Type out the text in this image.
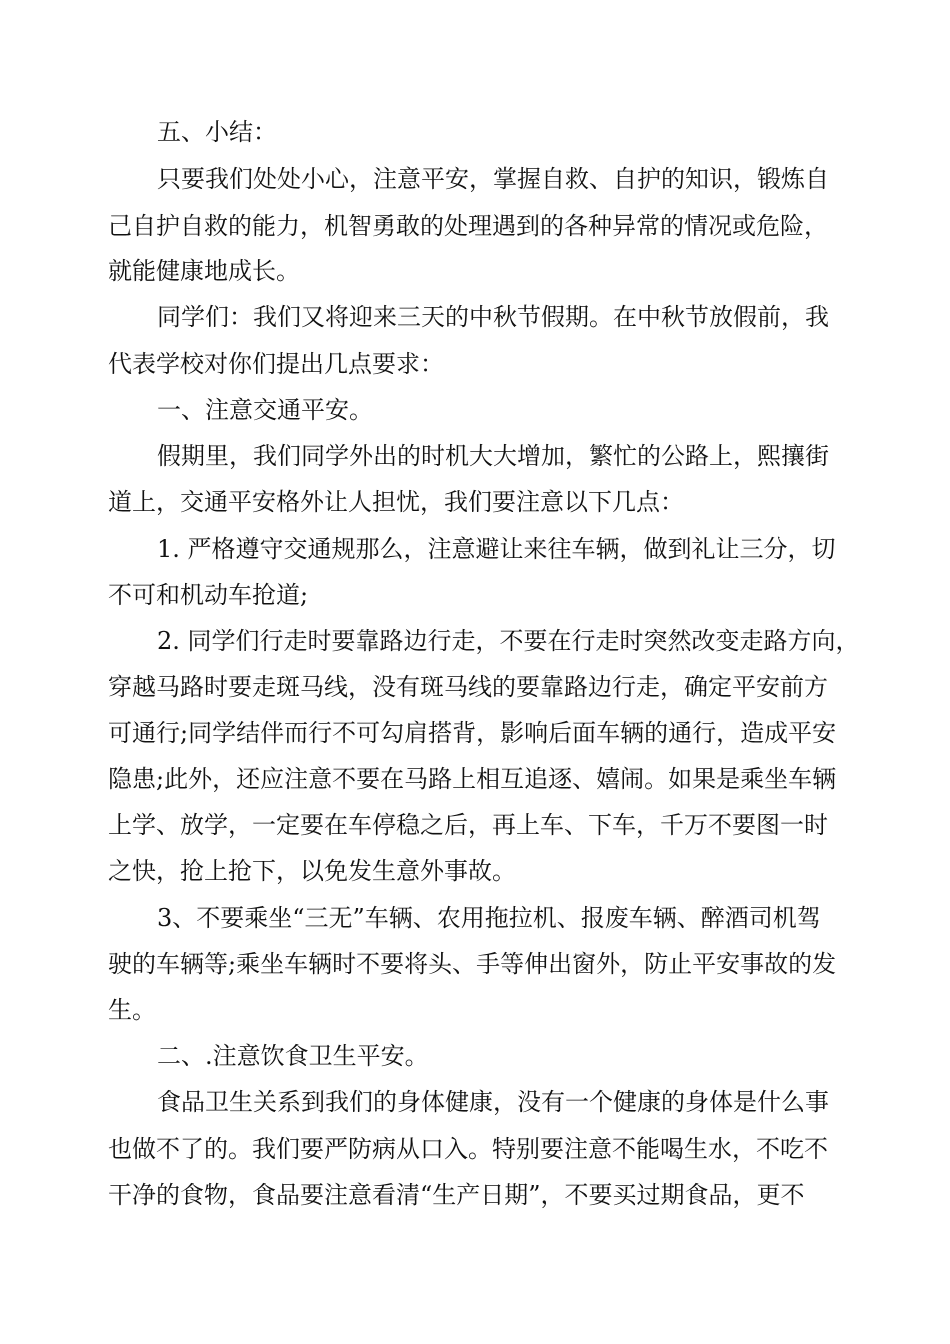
五、小结：
只要我们处处小心，注意平安，掌握自救、自护的知识，锻炼自
己自护自救的能力，机智勇敢的处理遇到的各种异常的情况或危险，
就能健康地成长。
同学们：我们又将迎来三天的中秋节假期。在中秋节放假前，我
代表学校对你们提出几点要求：
一、注意交通平安。
假期里，我们同学外出的时机大大增加，繁忙的公路上，熙攘街
道上，交通平安格外让人担忧，我们要注意以下几点：
1. 严格遵守交通规那么，注意避让来往车辆，做到礼让三分，切
不可和机动车抢道;
2. 同学们行走时要靠路边行走，不要在行走时突然改变走路方向，
穿越马路时要走斑马线，没有斑马线的要靠路边行走，确定平安前方
可通行;同学结伴而行不可勾肩搭背，影响后面车辆的通行，造成平安
隐患;此外，还应注意不要在马路上相互追逐、嬉闹。如果是乘坐车辆
上学、放学，一定要在车停稳之后，再上车、下车，千万不要图一时
之快，抢上抢下，以免发生意外事故。
3、不要乘坐“三无”车辆、农用拖拉机、报废车辆、醉酒司机驾
驶的车辆等;乘坐车辆时不要将头、手等伸出窗外，防止平安事故的发
生。
二、.注意饮食卫生平安。
食品卫生关系到我们的身体健康，没有一个健康的身体是什么事
也做不了的。我们要严防病从口入。特别要注意不能喝生水，不吃不
干净的食物，食品要注意看清“生产日期”，不要买过期食品，更不
